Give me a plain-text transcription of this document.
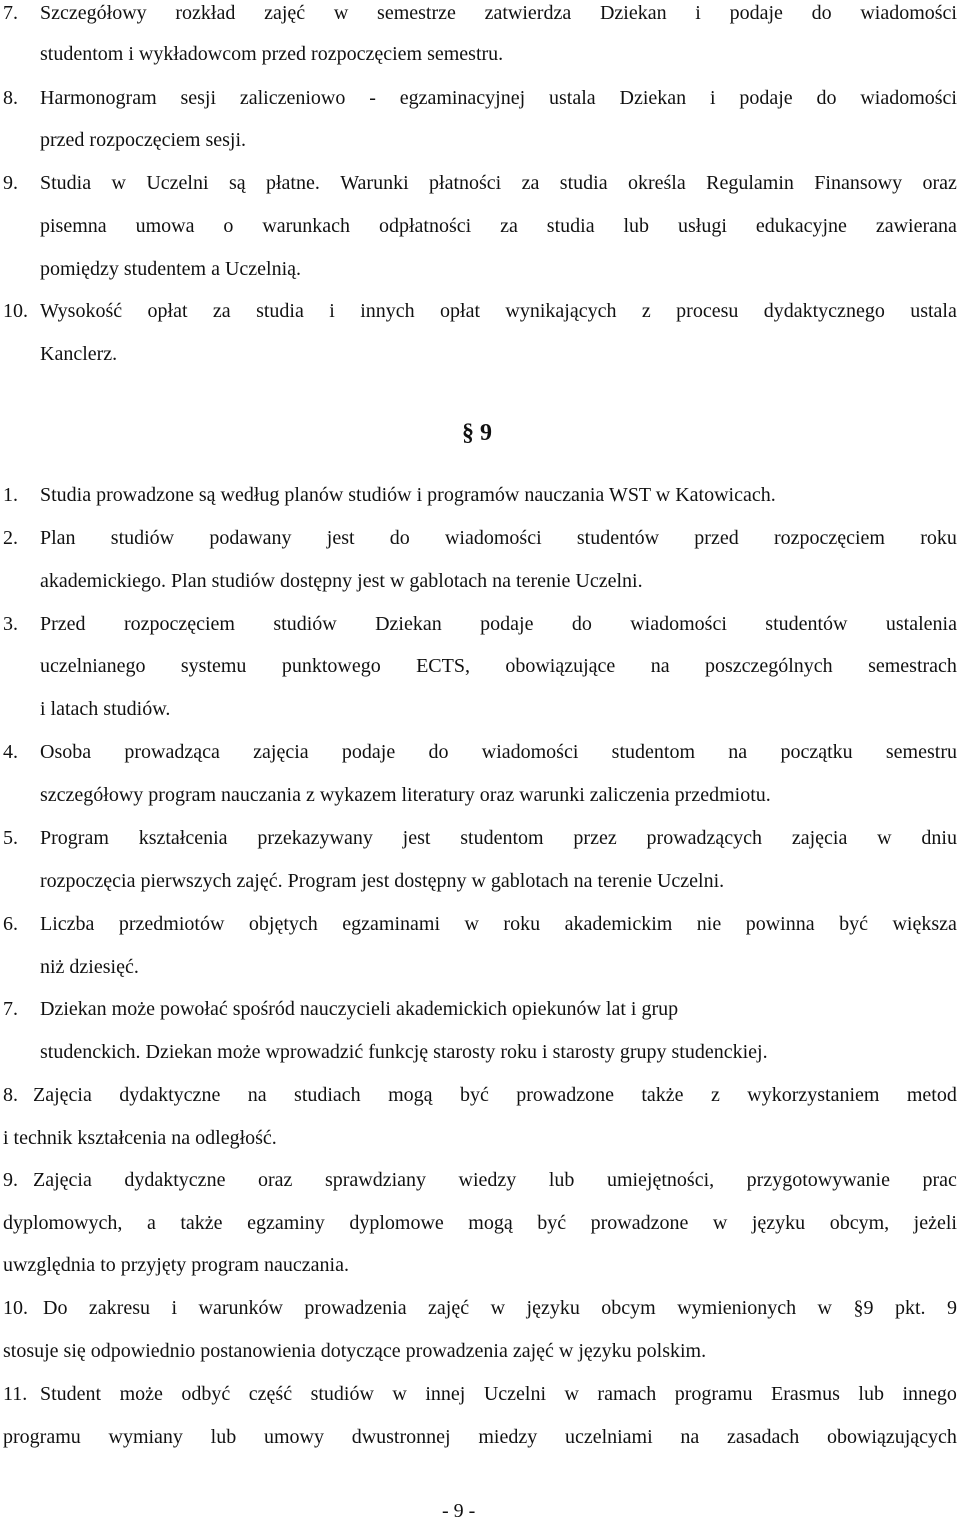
7. Szczegółowy rozkład zajęć w semestrze zatwierdza Dziekan i podaje do wiadomości
studentom i wykładowcom przed rozpoczęciem semestru.
8. Harmonogram sesji zaliczeniowo - egzaminacyjnej ustala Dziekan i podaje do wiadomości
przed rozpoczęciem sesji.
9. Studia w Uczelni są płatne. Warunki płatności za studia określa Regulamin Finansowy oraz
pisemna umowa o warunkach odpłatności za studia lub usługi edukacyjne zawierana
pomiędzy studentem a Uczelnią.
10. Wysokość opłat za studia i innych opłat wynikających z procesu dydaktycznego ustala
Kanclerz.
§ 9
1. Studia prowadzone są według planów studiów i programów nauczania WST w Katowicach.
2. Plan studiów podawany jest do wiadomości studentów przed rozpoczęciem roku
akademickiego. Plan studiów dostępny jest w gablotach na terenie Uczelni.
3. Przed rozpoczęciem studiów Dziekan podaje do wiadomości studentów ustalenia
uczelnianego systemu punktowego ECTS, obowiązujące na poszczególnych semestrach
i latach studiów.
4. Osoba prowadząca zajęcia podaje do wiadomości studentom na początku semestru
szczegółowy program nauczania z wykazem literatury oraz warunki zaliczenia przedmiotu.
5. Program kształcenia przekazywany jest studentom przez prowadzących zajęcia w dniu
rozpoczęcia pierwszych zajęć. Program jest dostępny w gablotach na terenie Uczelni.
6. Liczba przedmiotów objętych egzaminami w roku akademickim nie powinna być większa
niż dziesięć.
7. Dziekan może powołać spośród nauczycieli akademickich opiekunów lat i grup
studenckich. Dziekan może wprowadzić funkcję starosty roku i starosty grupy studenckiej.
8. Zajęcia dydaktyczne na studiach mogą być prowadzone także z wykorzystaniem metod
i technik kształcenia na odległość.
9. Zajęcia dydaktyczne oraz sprawdziany wiedzy lub umiejętności, przygotowywanie prac
dyplomowych, a także egzaminy dyplomowe mogą być prowadzone w języku obcym, jeżeli
uwzględnia to przyjęty program nauczania.
10. Do zakresu i warunków prowadzenia zajęć w języku obcym wymienionych w §9 pkt. 9
stosuje się odpowiednio postanowienia dotyczące prowadzenia zajęć w języku polskim.
11. Student może odbyć część studiów w innej Uczelni w ramach programu Erasmus lub innego
programu wymiany lub umowy dwustronnej miedzy uczelniami na zasadach obowiązujących
- 9 -
